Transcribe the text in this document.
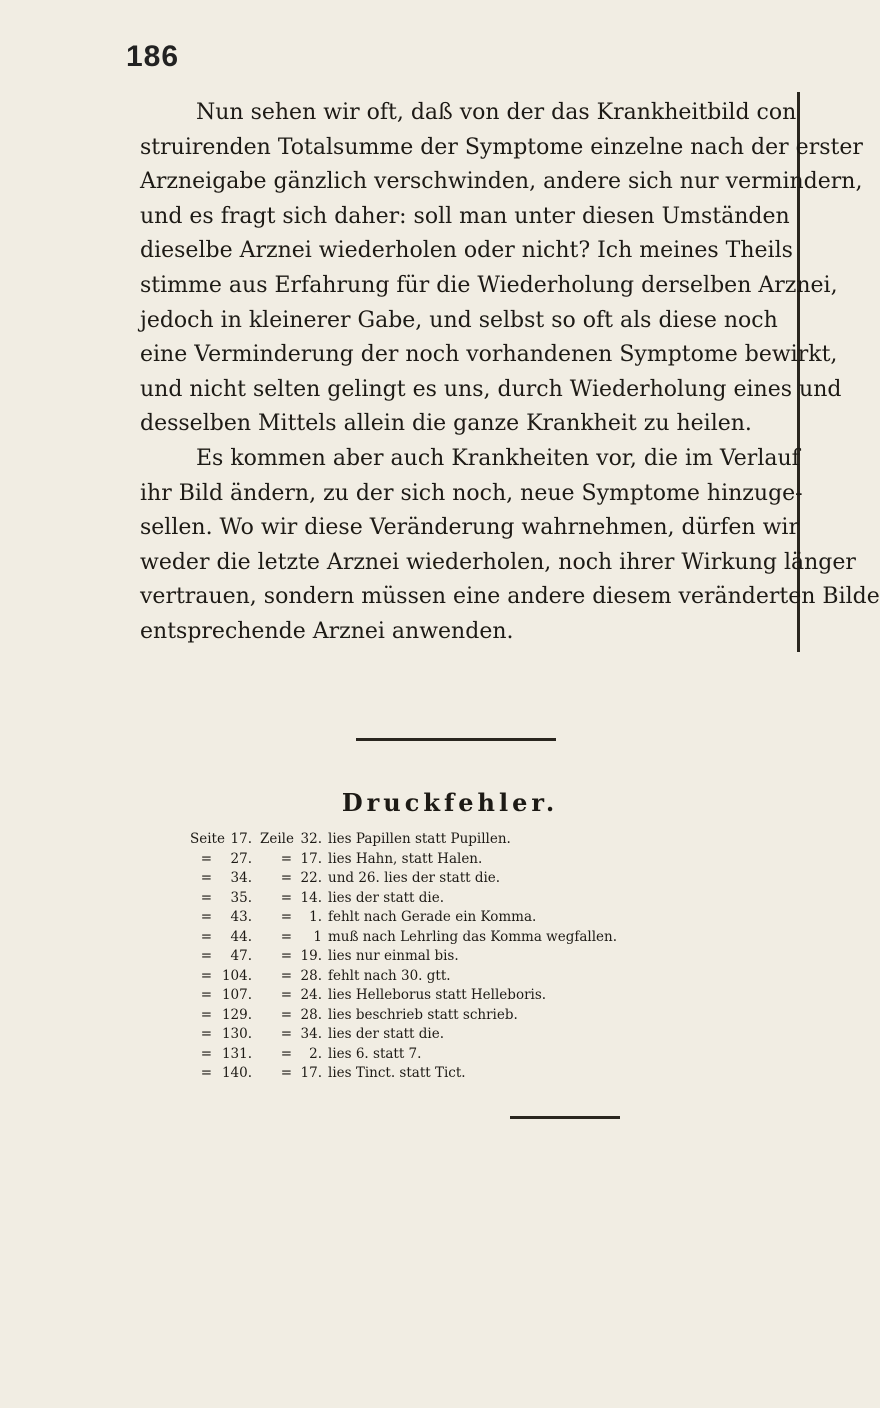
186
Nun sehen wir oft, daß von der das Krankheitbild con
struirenden Totalsumme der Symptome einzelne nach der erster
Arzneigabe gänzlich verschwinden, andere sich nur vermindern,
und es fragt sich daher: soll man unter diesen Umständen
dieselbe Arznei wiederholen oder nicht? Ich meines Theils
stimme aus Erfahrung für die Wiederholung derselben Arznei,
jedoch in kleinerer Gabe, und selbst so oft als diese noch
eine Verminderung der noch vorhandenen Symptome bewirkt,
und nicht selten gelingt es uns, durch Wiederholung eines und
desselben Mittels allein die ganze Krankheit zu heilen.
Es kommen aber auch Krankheiten vor, die im Verlauf
ihr Bild ändern, zu der sich noch, neue Symptome hinzuge-
sellen. Wo wir diese Veränderung wahrnehmen, dürfen wir
weder die letzte Arznei wiederholen, noch ihrer Wirkung länger
vertrauen, sondern müssen eine andere diesem veränderten Bilde
entsprechende Arznei anwenden.
Druckfehler.
Seite 17. Zeile 32. lies Papillen statt Pupillen.
=	27.	= 17. lies Hahn, statt Halen.
=	34.	= 22. und 26. lies der statt die.
=	35.	= 14. lies der statt die.
=	43.	=	1. fehlt nach Gerade ein Komma.
=	44.	=	1 muß nach Lehrling das Komma wegfallen.
=	47.	= 19. lies nur einmal bis.
= 104.	= 28. fehlt nach 30. gtt.
= 107.	= 24. lies Helleborus statt Helleboris.
= 129.	= 28. lies beschrieb statt schrieb.
= 130.	= 34. lies der statt die.
= 131.	=	2. lies 6. statt 7.
= 140.	= 17. lies Tinct. statt Tict.
